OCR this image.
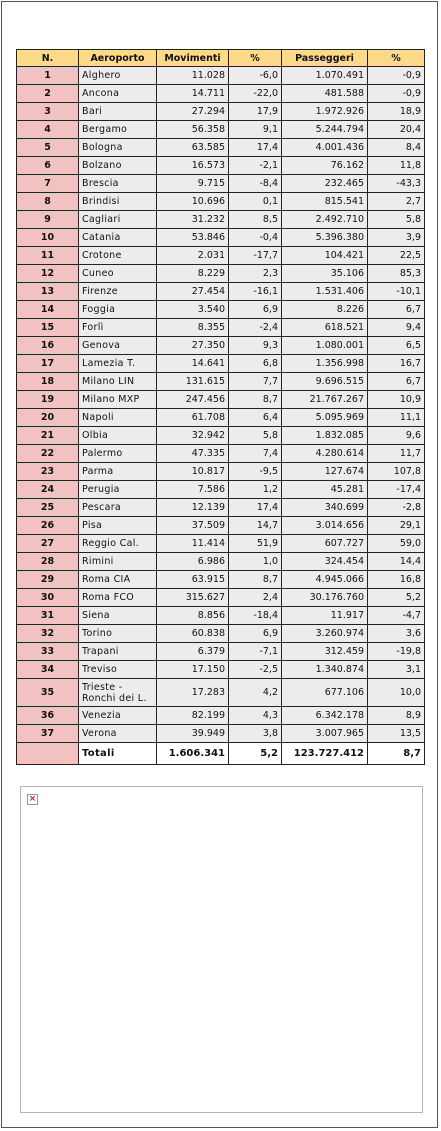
N.	Aeroporto	Movimenti	%	Passeggeri	%
1	Alghero	11.028	-6,0	1.070.491	-0,9
2	Ancona	14.711	-22,0	481.588	-0,9
3	Bari	27.294	17,9	1.972.926	18,9
4	Bergamo	56.358	9,1	5.244.794	20,4
5	Bologna	63.585	17,4	4.001.436	8,4
6	Bolzano	16.573	-2,1	76.162	11,8
7	Brescia	9.715	-8,4	232.465	-43,3
8	Brindisi	10.696	0,1	815.541	2,7
9	Cagliari	31.232	8,5	2.492.710	5,8
10	Catania	53.846	-0,4	5.396.380	3,9
11	Crotone	2.031	-17,7	104.421	22,5
12	Cuneo	8.229	2,3	35.106	85,3
13	Firenze	27.454	-16,1	1.531.406	-10,1
14	Foggia	3.540	6,9	8.226	6,7
15	Forlì	8.355	-2,4	618.521	9,4
16	Genova	27.350	9,3	1.080.001	6,5
17	Lamezia T.	14.641	6,8	1.356.998	16,7
18	Milano LIN	131.615	7,7	9.696.515	6,7
19	Milano MXP	247.456	8,7	21.767.267	10,9
20	Napoli	61.708	6,4	5.095.969	11,1
21	Olbia	32.942	5,8	1.832.085	9,6
22	Palermo	47.335	7,4	4.280.614	11,7
23	Parma	10.817	-9,5	127.674	107,8
24	Perugia	7.586	1,2	45.281	-17,4
25	Pescara	12.139	17,4	340.699	-2,8
26	Pisa	37.509	14,7	3.014.656	29,1
27	Reggio Cal.	11.414	51,9	607.727	59,0
28	Rimini	6.986	1,0	324.454	14,4
29	Roma CIA	63.915	8,7	4.945.066	16,8
30	Roma FCO	315.627	2,4	30.176.760	5,2
31	Siena	8.856	-18,4	11.917	-4,7
32	Torino	60.838	6,9	3.260.974	3,6
33	Trapani	6.379	-7,1	312.459	-19,8
34	Treviso	17.150	-2,5	1.340.874	3,1
35	Trieste - Ronchi dei L.	17.283	4,2	677.106	10,0
36	Venezia	82.199	4,3	6.342.178	8,9
37	Verona	39.949	3,8	3.007.965	13,5
	Totali	1.606.341	5,2	123.727.412	8,7
×
